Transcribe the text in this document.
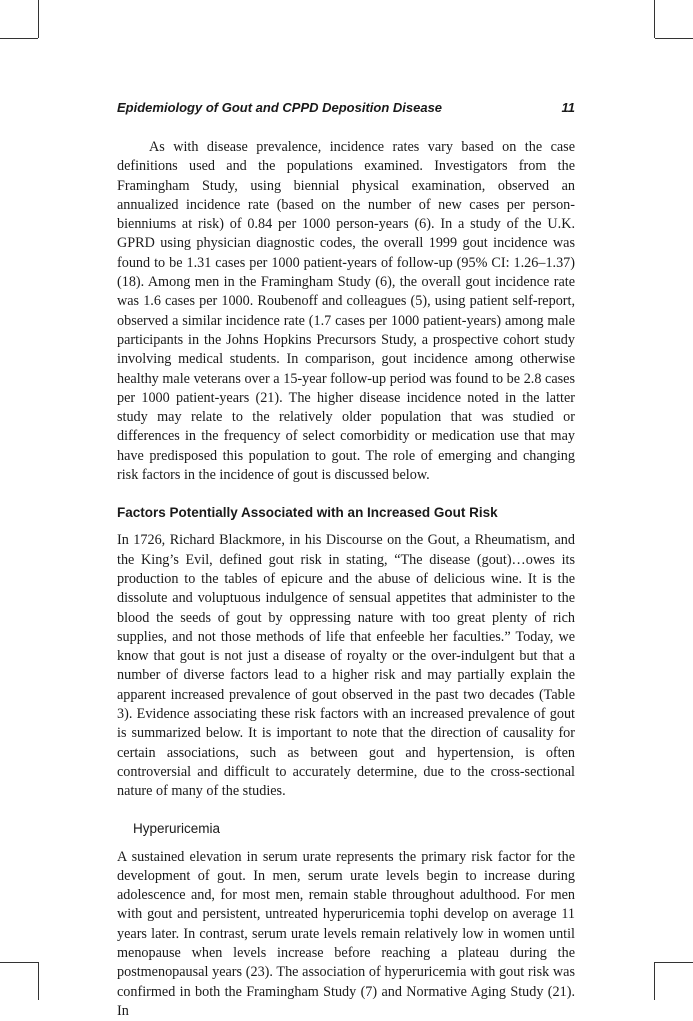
Epidemiology of Gout and CPPD Deposition Disease	11

As with disease prevalence, incidence rates vary based on the case definitions used and the populations examined. Investigators from the Framingham Study, using biennial physical examination, observed an annualized incidence rate (based on the number of new cases per person-bienniums at risk) of 0.84 per 1000 person-years (6). In a study of the U.K. GPRD using physician diagnostic codes, the overall 1999 gout incidence was found to be 1.31 cases per 1000 patient-years of follow-up (95% CI: 1.26–1.37) (18). Among men in the Framingham Study (6), the overall gout incidence rate was 1.6 cases per 1000. Roubenoff and colleagues (5), using patient self-report, observed a similar incidence rate (1.7 cases per 1000 patient-years) among male participants in the Johns Hopkins Precursors Study, a prospective cohort study involving medical students. In comparison, gout incidence among otherwise healthy male veterans over a 15-year follow-up period was found to be 2.8 cases per 1000 patient-years (21). The higher disease incidence noted in the latter study may relate to the relatively older population that was studied or differences in the frequency of select comorbidity or medication use that may have predisposed this population to gout. The role of emerging and changing risk factors in the incidence of gout is discussed below.

Factors Potentially Associated with an Increased Gout Risk

In 1726, Richard Blackmore, in his Discourse on the Gout, a Rheumatism, and the King’s Evil, defined gout risk in stating, “The disease (gout)…owes its production to the tables of epicure and the abuse of delicious wine. It is the dissolute and voluptuous indulgence of sensual appetites that administer to the blood the seeds of gout by oppressing nature with too great plenty of rich supplies, and not those methods of life that enfeeble her faculties.” Today, we know that gout is not just a disease of royalty or the over-indulgent but that a number of diverse factors lead to a higher risk and may partially explain the apparent increased prevalence of gout observed in the past two decades (Table 3). Evidence associating these risk factors with an increased prevalence of gout is summarized below. It is important to note that the direction of causality for certain associations, such as between gout and hypertension, is often controversial and difficult to accurately determine, due to the cross-sectional nature of many of the studies.

Hyperuricemia

A sustained elevation in serum urate represents the primary risk factor for the development of gout. In men, serum urate levels begin to increase during adolescence and, for most men, remain stable throughout adulthood. For men with gout and persistent, untreated hyperuricemia tophi develop on average 11 years later. In contrast, serum urate levels remain relatively low in women until menopause when levels increase before reaching a plateau during the postmenopausal years (23). The association of hyperuricemia with gout risk was confirmed in both the Framingham Study (7) and Normative Aging Study (21). In
